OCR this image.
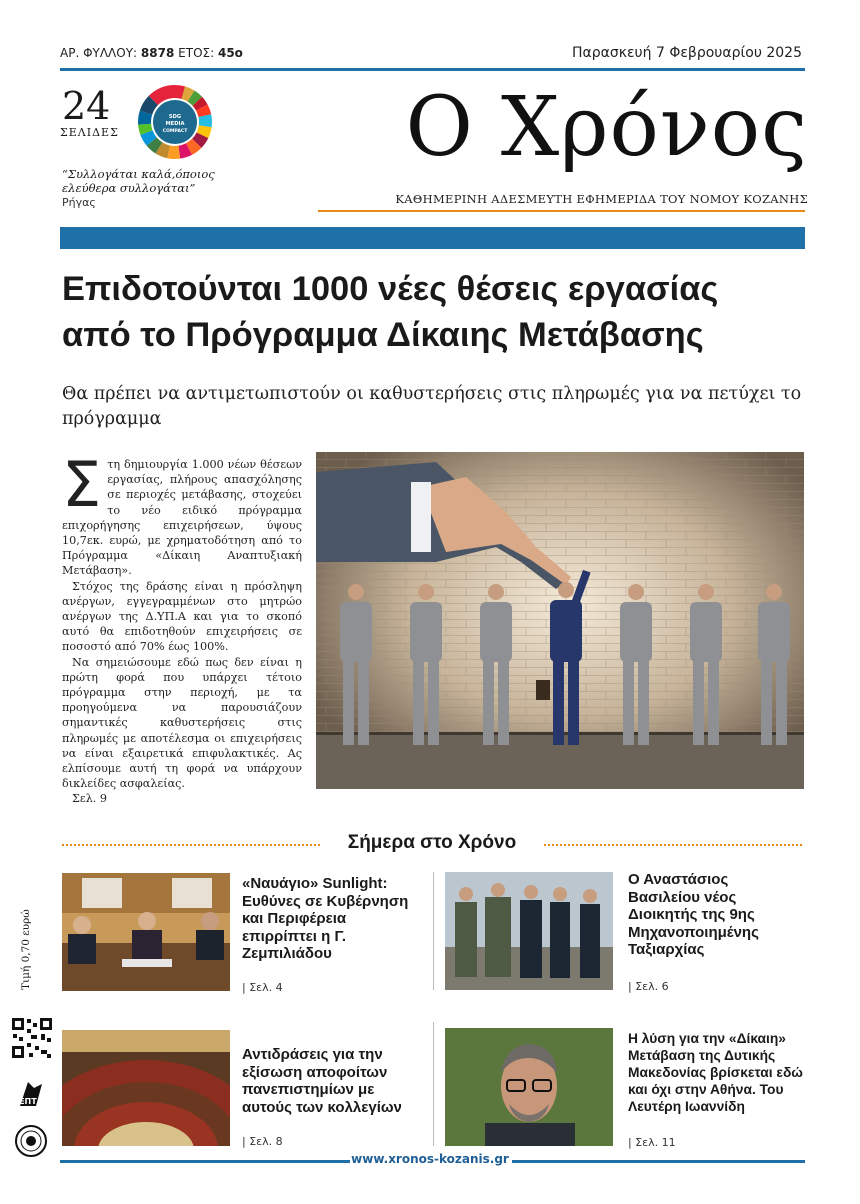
ΑΡ. ΦΥΛΛΟΥ: 8878 ΕΤΟΣ: 45ο	Παρασκευή 7 Φεβρουαρίου 2025
24
ΣΕΛΙΔΕΣ
SDG
MEDIA
COMPACT
“Συλλογάται καλά,όποιος ελεύθερα συλλογάται”
Ρήγας
Ο Χρόνος
ΚΑΘΗΜΕΡΙΝΗ ΑΔΕΣΜΕΥΤΗ ΕΦΗΜΕΡΙΔΑ ΤΟΥ ΝΟΜΟΥ ΚΟΖΑΝΗΣ
Επιδοτούνται 1000 νέες θέσεις εργασίας
από το Πρόγραμμα Δίκαιης Μετάβασης
Θα πρέπει να αντιμετωπιστούν οι καθυστερήσεις στις πληρωμές για να πετύχει το πρόγραμμα

Σ τη δημιουργία 1.000 νέων θέσεων εργασίας, πλήρους απασχόλησης σε περιοχές μετάβασης, στοχεύει το νέο ειδικό πρόγραμμα επιχορήγησης επιχειρήσεων, ύψους 10,7εκ. ευρώ, με χρηματοδότηση από το Πρόγραμμα «Δίκαιη Αναπτυξιακή Μετάβαση».

Στόχος της δράσης είναι η πρόσληψη ανέργων, εγγεγραμμένων στο μητρώο ανέργων της Δ.ΥΠ.Α και για το σκοπό αυτό θα επιδοτηθούν επιχειρήσεις σε ποσοστό από 70% έως 100%.

Να σημειώσουμε εδώ πως δεν είναι η πρώτη φορά που υπάρχει τέτοιο πρόγραμμα στην περιοχή, με τα προηγούμενα να παρουσιάζουν σημαντικές καθυστερήσεις στις πληρωμές με αποτέλεσμα οι επιχειρήσεις να είναι εξαιρετικά επιφυλακτικές. Ας ελπίσουμε αυτή τη φορά να υπάρχουν δικλείδες ασφαλείας.

Σελ. 9

Σήμερα στο Χρόνο
«Ναυάγιο» Sunlight: Ευθύνες σε Κυβέρνηση και Περιφέρεια επιρρίπτει η Γ. Ζεμπιλιάδου
| Σελ. 4
Ο Αναστάσιος Βασιλείου νέος Διοικητής της 9ης Μηχανοποιημένης Ταξιαρχίας
| Σελ. 6
Τιμή 0,70 ευρώ
ΕΠΤΑ
Αντιδράσεις για την εξίσωση αποφοίτων πανεπιστημίων με αυτούς των κολλεγίων
| Σελ. 8
Η λύση για την «Δίκαιη» Μετάβαση της Δυτικής Μακεδονίας βρίσκεται εδώ και όχι στην Αθήνα. Του Λευτέρη Ιωαννίδη
| Σελ. 11
www.xronos-kozanis.gr
